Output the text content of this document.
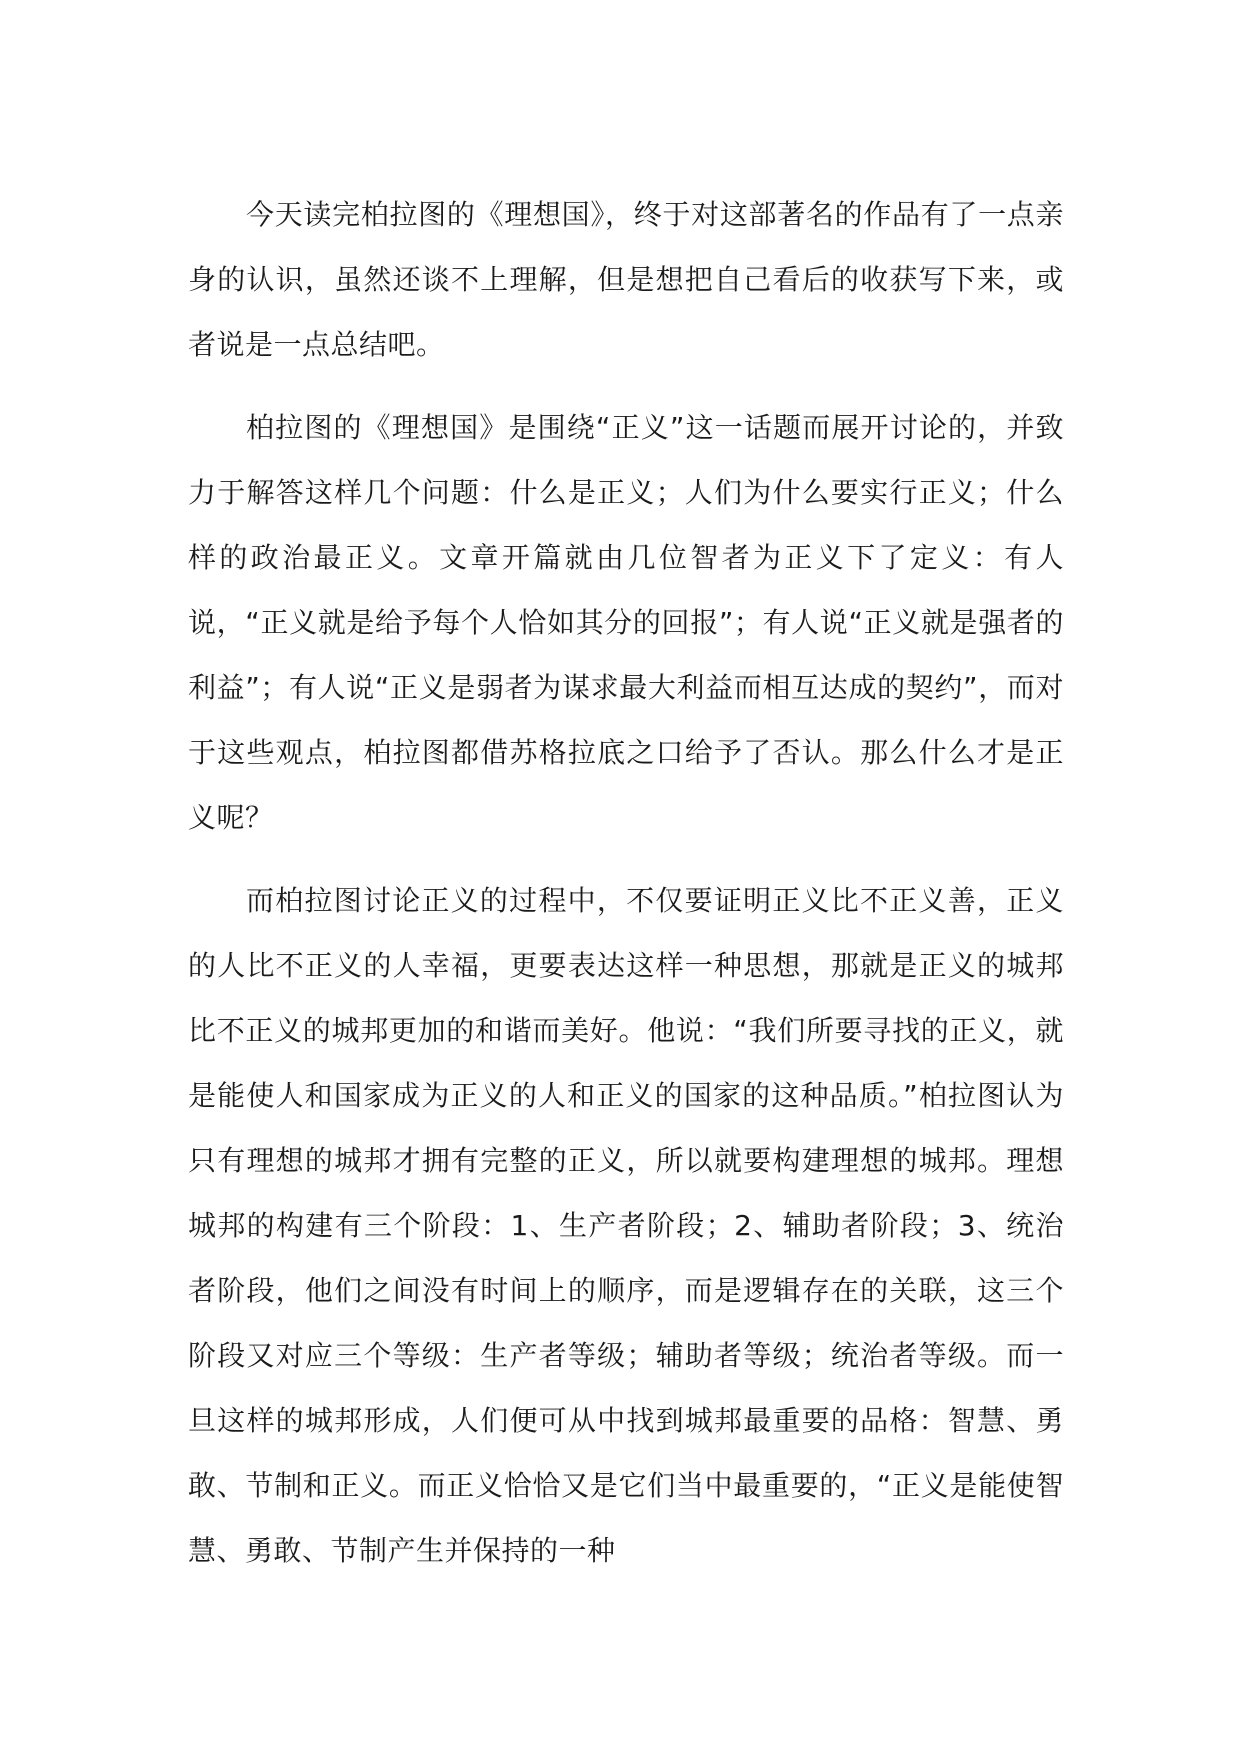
今天读完柏拉图的《理想国》，终于对这部著名的作品有了一点亲身的认识，虽然还谈不上理解，但是想把自己看后的收获写下来，或者说是一点总结吧。

柏拉图的《理想国》是围绕“正义”这一话题而展开讨论的，并致力于解答这样几个问题：什么是正义；人们为什么要实行正义；什么样的政治最正义。文章开篇就由几位智者为正义下了定义：有人说，“正义就是给予每个人恰如其分的回报”；有人说“正义就是强者的利益”；有人说“正义是弱者为谋求最大利益而相互达成的契约”，而对于这些观点，柏拉图都借苏格拉底之口给予了否认。那么什么才是正义呢？

而柏拉图讨论正义的过程中，不仅要证明正义比不正义善，正义的人比不正义的人幸福，更要表达这样一种思想，那就是正义的城邦比不正义的城邦更加的和谐而美好。他说：“我们所要寻找的正义，就是能使人和国家成为正义的人和正义的国家的这种品质。”柏拉图认为只有理想的城邦才拥有完整的正义，所以就要构建理想的城邦。理想城邦的构建有三个阶段：1、生产者阶段；2、辅助者阶段；3、统治者阶段，他们之间没有时间上的顺序，而是逻辑存在的关联，这三个阶段又对应三个等级：生产者等级；辅助者等级；统治者等级。而一旦这样的城邦形成，人们便可从中找到城邦最重要的品格：智慧、勇敢、节制和正义。而正义恰恰又是它们当中最重要的，“正义是能使智慧、勇敢、节制产生并保持的一种
